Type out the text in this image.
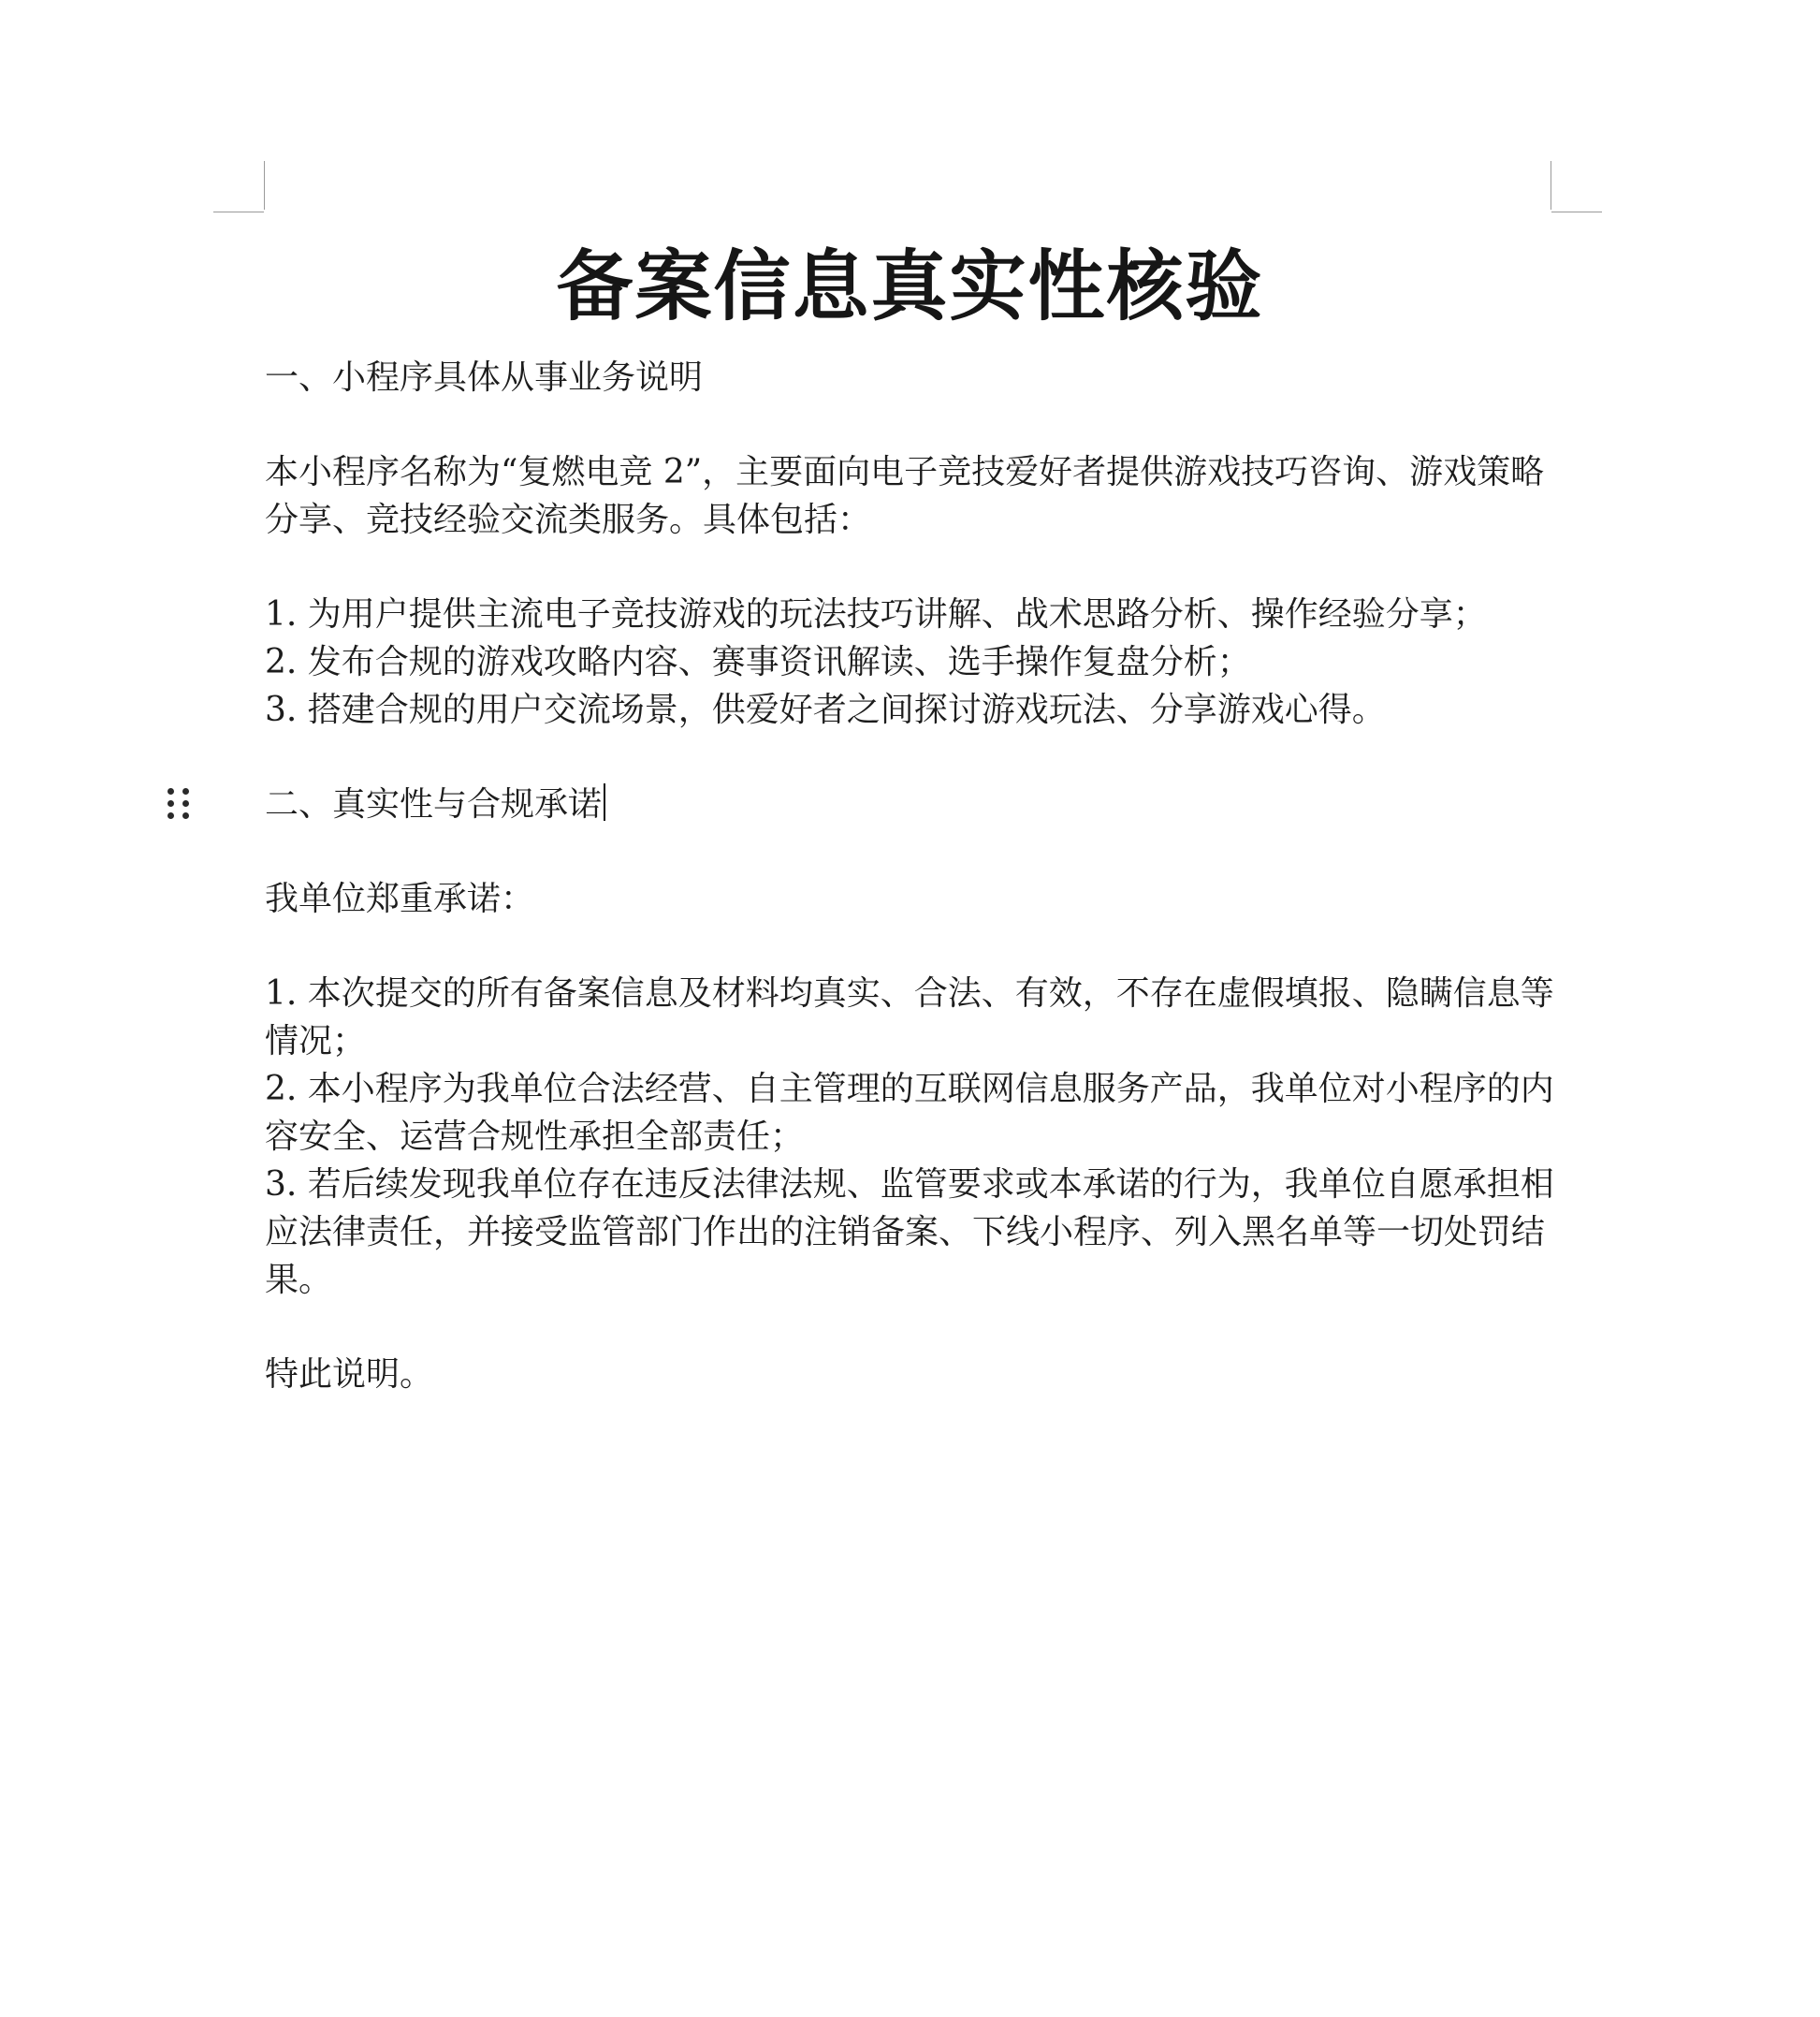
备案信息真实性核验

一、小程序具体从事业务说明

本小程序名称为“复燃电竞 2”，主要面向电子竞技爱好者提供游戏技巧咨询、游戏策略分享、竞技经验交流类服务。具体包括：

1. 为用户提供主流电子竞技游戏的玩法技巧讲解、战术思路分析、操作经验分享；

2. 发布合规的游戏攻略内容、赛事资讯解读、选手操作复盘分析；

3. 搭建合规的用户交流场景，供爱好者之间探讨游戏玩法、分享游戏心得。

二、真实性与合规承诺

我单位郑重承诺：

1. 本次提交的所有备案信息及材料均真实、合法、有效，不存在虚假填报、隐瞒信息等情况；

2. 本小程序为我单位合法经营、自主管理的互联网信息服务产品，我单位对小程序的内容安全、运营合规性承担全部责任；

3. 若后续发现我单位存在违反法律法规、监管要求或本承诺的行为，我单位自愿承担相应法律责任，并接受监管部门作出的注销备案、下线小程序、列入黑名单等一切处罚结果。

特此说明。
